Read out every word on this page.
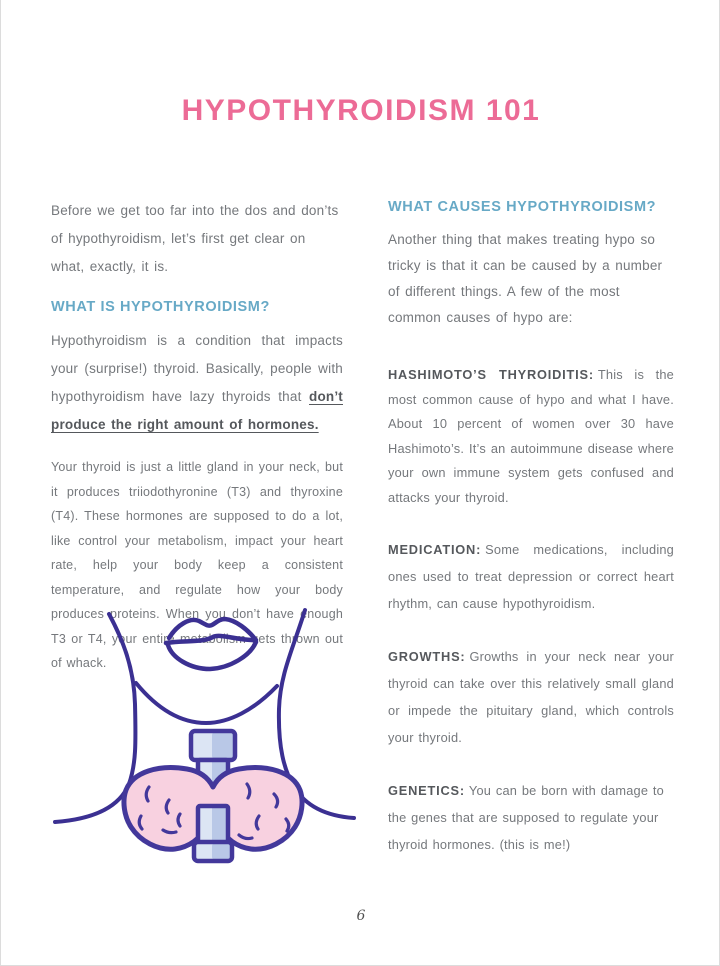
HYPOTHYROIDISM 101

Before we get too far into the dos and don’ts of hypothyroidism, let’s first get clear on what, exactly, it is.

WHAT IS HYPOTHYROIDISM?

Hypothyroidism is a condition that impacts your (surprise!) thyroid. Basically, people with hypothyroidism have lazy thyroids that don’t produce the right amount of hormones.

Your thyroid is just a little gland in your neck, but it produces triiodothyronine (T3) and thyroxine (T4). These hormones are supposed to do a lot, like control your metabolism, impact your heart rate, help your body keep a consistent temperature, and regulate how your body produces proteins. When you don’t have enough T3 or T4, your entire metabolism gets thrown out of whack.

WHAT CAUSES HYPOTHYROIDISM?

Another thing that makes treating hypo so tricky is that it can be caused by a number of different things. A few of the most common causes of hypo are:

HASHIMOTO’S THYROIDITIS: This is the most common cause of hypo and what I have. About 10 percent of women over 30 have Hashimoto’s. It’s an autoimmune disease where your own immune system gets confused and attacks your thyroid.

MEDICATION: Some medications, including ones used to treat depression or correct heart rhythm, can cause hypothyroidism.

GROWTHS: Growths in your neck near your thyroid can take over this relatively small gland or impede the pituitary gland, which controls your thyroid.

GENETICS: You can be born with damage to the genes that are supposed to regulate your thyroid hormones. (this is me!)

6
